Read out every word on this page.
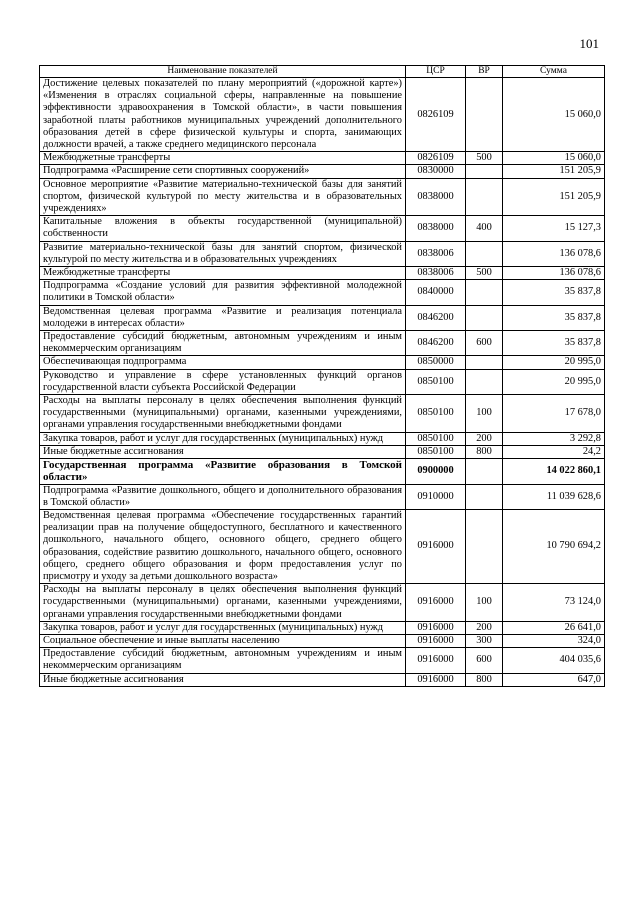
101
Наименование показателей	ЦСР	ВР	Сумма
Достижение целевых показателей по плану мероприятий («дорожной карте») «Изменения в отраслях социальной сферы, направленные на повышение эффективности здравоохранения в Томской области», в части повышения заработной платы работников муниципальных учреждений дополнительного образования детей в сфере физической культуры и спорта, занимающих должности врачей, а также среднего медицинского персонала	0826109		15 060,0
Межбюджетные трансферты	0826109	500	15 060,0
Подпрограмма «Расширение сети спортивных сооружений»	0830000		151 205,9
Основное мероприятие «Развитие материально-технической базы для занятий спортом, физической культурой по месту жительства и в образовательных учреждениях»	0838000		151 205,9
Капитальные вложения в объекты государственной (муниципальной) собственности	0838000	400	15 127,3
Развитие материально-технической базы для занятий спортом, физической культурой по месту жительства и в образовательных учреждениях	0838006		136 078,6
Межбюджетные трансферты	0838006	500	136 078,6
Подпрограмма «Создание условий для развития эффективной молодежной политики в Томской области»	0840000		35 837,8
Ведомственная целевая программа «Развитие и реализация потенциала молодежи в интересах области»	0846200		35 837,8
Предоставление субсидий бюджетным, автономным учреждениям и иным некоммерческим организациям	0846200	600	35 837,8
Обеспечивающая подпрограмма	0850000		20 995,0
Руководство и управление в сфере установленных функций органов государственной власти субъекта Российской Федерации	0850100		20 995,0
Расходы на выплаты персоналу в целях обеспечения выполнения функций государственными (муниципальными) органами, казенными учреждениями, органами управления государственными внебюджетными фондами	0850100	100	17 678,0
Закупка товаров, работ и услуг для государственных (муниципальных) нужд	0850100	200	3 292,8
Иные бюджетные ассигнования	0850100	800	24,2
Государственная программа «Развитие образования в Томской области»	0900000		14 022 860,1
Подпрограмма «Развитие дошкольного, общего и дополнительного образования в Томской области»	0910000		11 039 628,6
Ведомственная целевая программа «Обеспечение государственных гарантий реализации прав на получение общедоступного, бесплатного и качественного дошкольного, начального общего, основного общего, среднего общего образования, содействие развитию дошкольного, начального общего, основного общего, среднего общего образования и форм предоставления услуг по присмотру и уходу за детьми дошкольного возраста»	0916000		10 790 694,2
Расходы на выплаты персоналу в целях обеспечения выполнения функций государственными (муниципальными) органами, казенными учреждениями, органами управления государственными внебюджетными фондами	0916000	100	73 124,0
Закупка товаров, работ и услуг для государственных (муниципальных) нужд	0916000	200	26 641,0
Социальное обеспечение и иные выплаты населению	0916000	300	324,0
Предоставление субсидий бюджетным, автономным учреждениям и иным некоммерческим организациям	0916000	600	404 035,6
Иные бюджетные ассигнования	0916000	800	647,0
